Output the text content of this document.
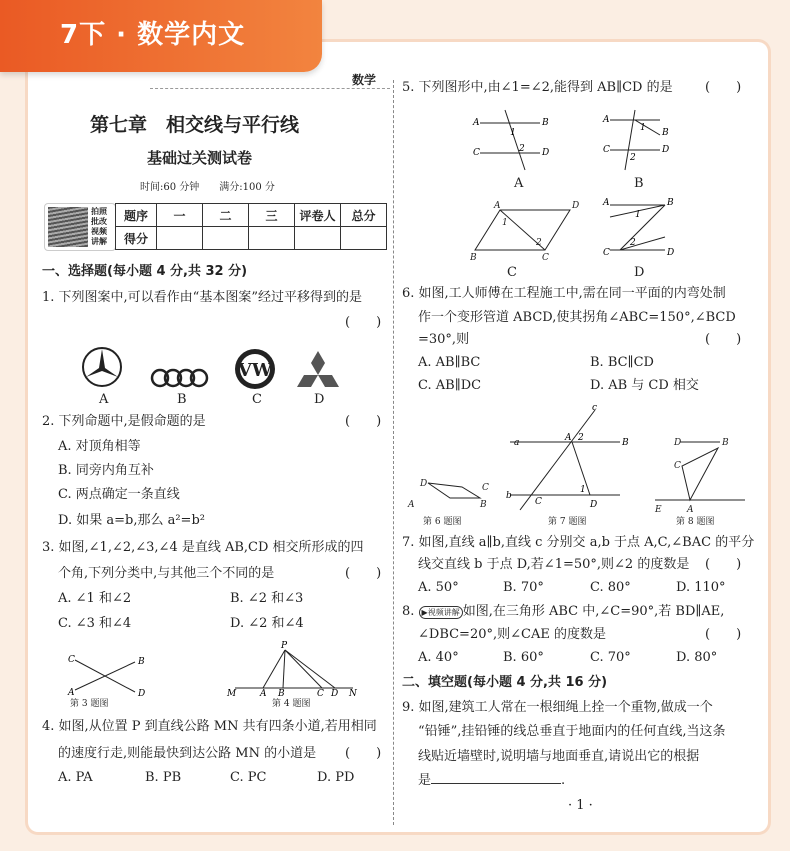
7下 · 数学内文
数学
第七章　相交线与平行线
基础过关测试卷
时间:60 分钟　　满分:100 分
拍照批改 视频讲解
题序	一	二	三	评卷人	总分
得分					
一、选择题(每小题 4 分,共 32 分)
1. 下列图案中,可以看作由“基本图案”经过平移得到的是
(　　)
VW
A	B	C	D
2. 下列命题中,是假命题的是	(　　)
A. 对顶角相等
B. 同旁内角互补
C. 两点确定一条直线
D. 如果 a=b,那么 a²=b²
3. 如图,∠1,∠2,∠3,∠4 是直线 AB,CD 相交所形成的四
个角,下列分类中,与其他三个不同的是	(　　)
A. ∠1 和∠2	B. ∠2 和∠3
C. ∠3 和∠4	D. ∠2 和∠4
C	B
A	D
P
M	A B	C D N
第 3 题图	第 4 题图
4. 如图,从位置 P 到直线公路 MN 共有四条小道,若用相同
的速度行走,则能最快到达公路 MN 的小道是 (　　)
A. PA	B. PB	C. PC	D. PD
5. 下列图形中,由∠1=∠2,能得到 AB∥CD 的是 (　　)
A	B
C	D
1
2
A
B
C	D
1
2
A	D
B	C
1
2
A	B
C	D
1
2
A	B
C	D
6. 如图,工人师傅在工程施工中,需在同一平面的内弯处制
作一个变形管道 ABCD,使其拐角∠ABC=150°,∠BCD
=30°,则	(　　)
A. AB∥BC	B. BC∥CD
C. AB∥DC	D. AB 与 CD 相交
D	C
A	B
a
b
c
A 2	B
1
C	D
D	B
C
E	A
第 6 题图	第 7 题图	第 8 题图
7. 如图,直线 a∥b,直线 c 分别交 a,b 于点 A,C,∠BAC 的平分
线交直线 b 于点 D,若∠1=50°,则∠2 的度数是 (　　)
A. 50°	B. 70°	C. 80°	D. 110°
8. ▶视频讲解 如图,在三角形 ABC 中,∠C=90°,若 BD∥AE,
∠DBC=20°,则∠CAE 的度数是	(　　)
A. 40°	B. 60°	C. 70°	D. 80°
二、填空题(每小题 4 分,共 16 分)
9. 如图,建筑工人常在一根细绳上拴一个重物,做成一个
“铅锤”,挂铅锤的线总垂直于地面内的任何直线,当这条
线贴近墙壁时,说明墙与地面垂直,请说出它的根据
是	.
· 1 ·
